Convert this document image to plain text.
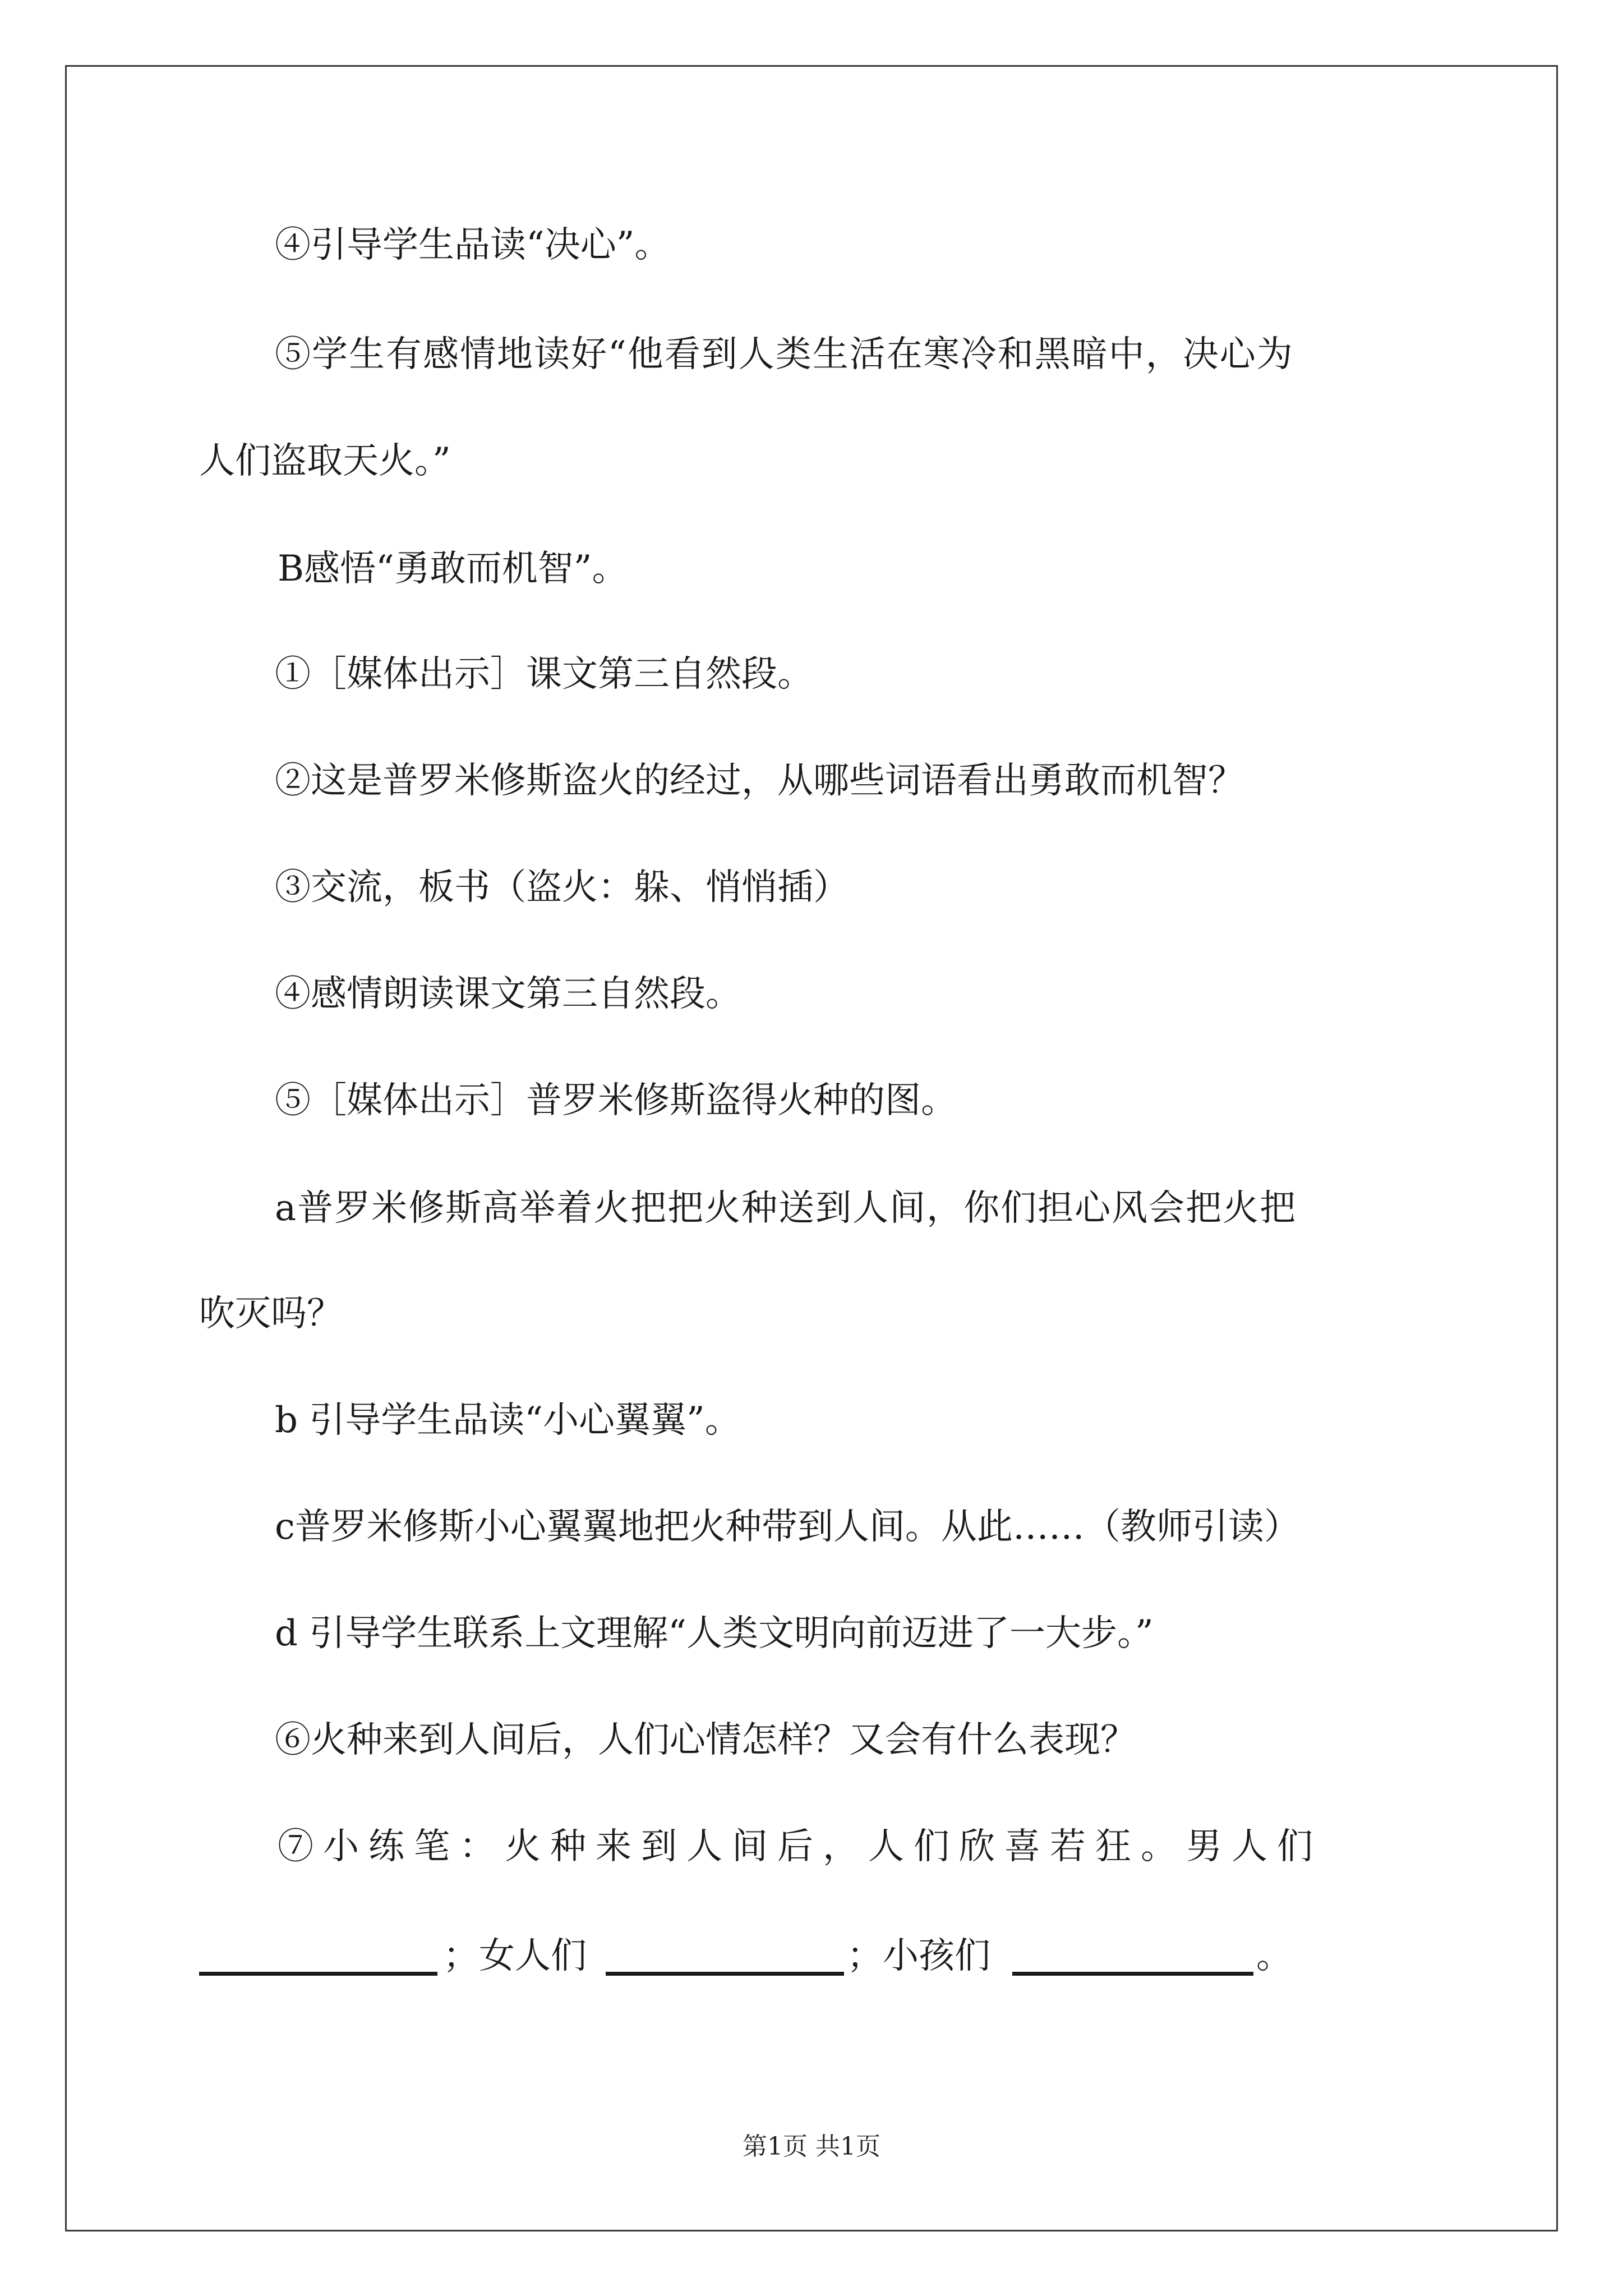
④引导学生品读“决心”。
⑤学生有感情地读好“他看到人类生活在寒冷和黑暗中，决心为
人们盗取天火。”
B感悟“勇敢而机智”。
①［媒体出示］课文第三自然段。
②这是普罗米修斯盗火的经过，从哪些词语看出勇敢而机智？
③交流，板书（盗火：躲、悄悄插）
④感情朗读课文第三自然段。
⑤［媒体出示］普罗米修斯盗得火种的图。
a普罗米修斯高举着火把把火种送到人间，你们担心风会把火把
吹灭吗？
b 引导学生品读“小心翼翼”。
c普罗米修斯小心翼翼地把火种带到人间。从此……（教师引读）
d 引导学生联系上文理解“人类文明向前迈进了一大步。”
⑥火种来到人间后，人们心情怎样？又会有什么表现？
⑦小练笔：火种来到人间后，人们欣喜若狂。男人们
；女人们	；小孩们	。
第1页 共1页
